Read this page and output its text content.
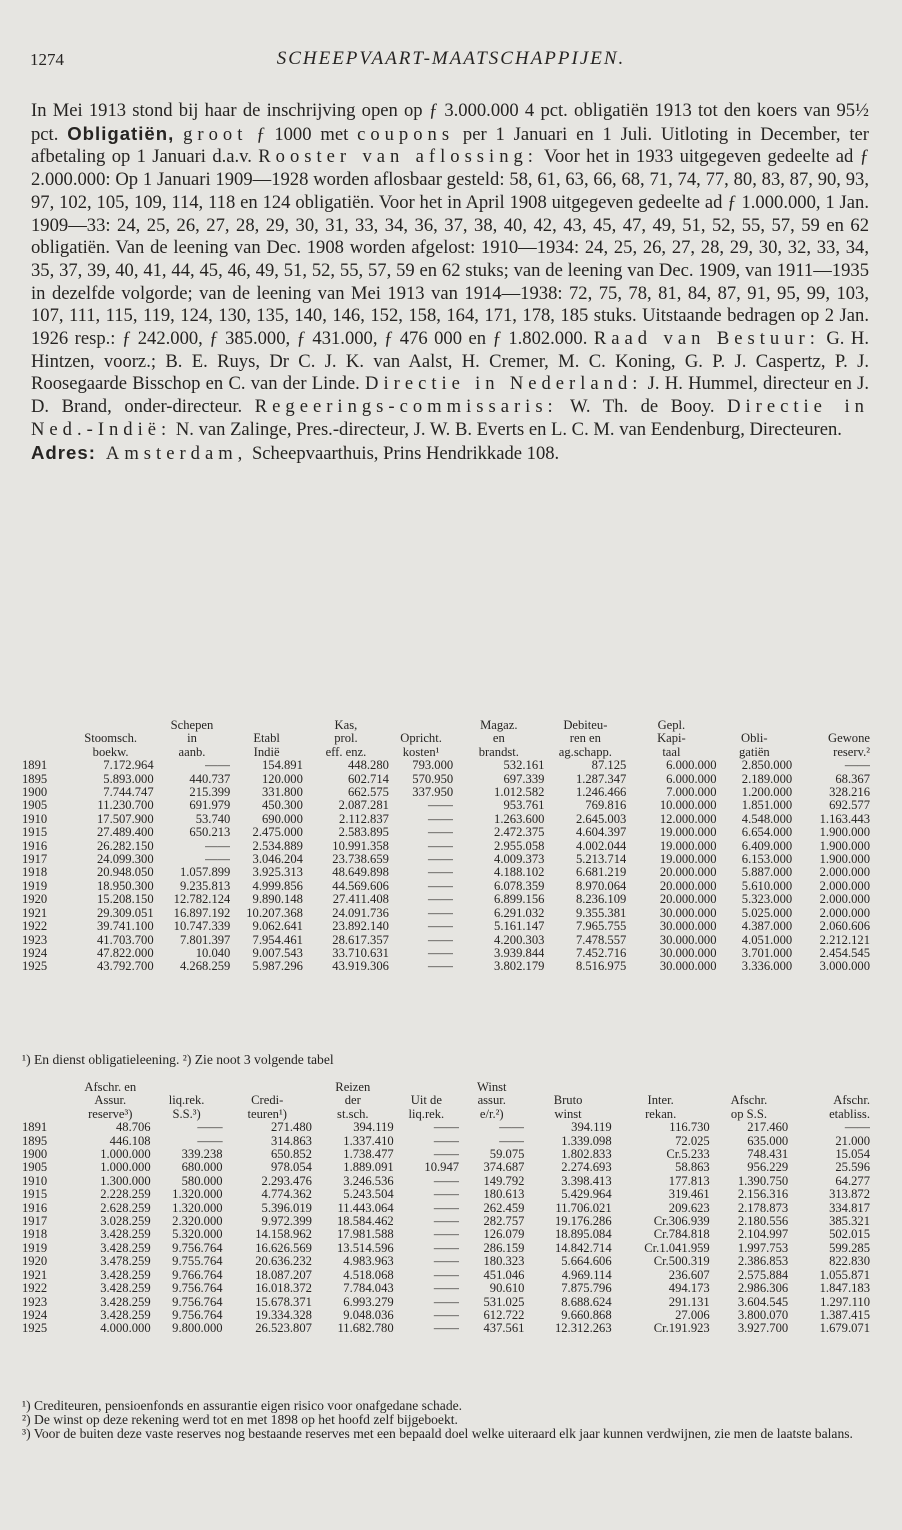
1274	SCHEEPVAART-MAATSCHAPPIJEN.

In Mei 1913 stond bij haar de inschrijving open op ƒ 3.000.000 4 pct. obligatiën 1913 tot den koers van 95½ pct. Obligatiën, groot ƒ 1000 met coupons per 1 Januari en 1 Juli. Uitloting in December, ter afbetaling op 1 Januari d.a.v. Rooster van aflossing: Voor het in 1933 uitgegeven gedeelte ad ƒ 2.000.000: Op 1 Januari 1909—1928 worden aflosbaar gesteld: 58, 61, 63, 66, 68, 71, 74, 77, 80, 83, 87, 90, 93, 97, 102, 105, 109, 114, 118 en 124 obligatiën. Voor het in April 1908 uitgegeven gedeelte ad ƒ 1.000.000, 1 Jan. 1909—33: 24, 25, 26, 27, 28, 29, 30, 31, 33, 34, 36, 37, 38, 40, 42, 43, 45, 47, 49, 51, 52, 55, 57, 59 en 62 obligatiën. Van de leening van Dec. 1908 worden afgelost: 1910—1934: 24, 25, 26, 27, 28, 29, 30, 32, 33, 34, 35, 37, 39, 40, 41, 44, 45, 46, 49, 51, 52, 55, 57, 59 en 62 stuks; van de leening van Dec. 1909, van 1911—1935 in dezelfde volgorde; van de leening van Mei 1913 van 1914—1938: 72, 75, 78, 81, 84, 87, 91, 95, 99, 103, 107, 111, 115, 119, 124, 130, 135, 140, 146, 152, 158, 164, 171, 178, 185 stuks. Uitstaande bedragen op 2 Jan. 1926 resp.: ƒ 242.000, ƒ 385.000, ƒ 431.000, ƒ 476 000 en ƒ 1.802.000. Raad van Bestuur: G. H. Hintzen, voorz.; B. E. Ruys, Dr C. J. K. van Aalst, H. Cremer, M. C. Koning, G. P. J. Caspertz, P. J. Roosegaarde Bisschop en C. van der Linde. Directie in Nederland: J. H. Hummel, directeur en J. D. Brand, onder-directeur. Regeerings-commissaris: W. Th. de Booy. Directie in Ned.-Indië: N. van Zalinge, Pres.-directeur, J. W. B. Everts en L. C. M. van Eendenburg, Directeuren.

Adres: Amsterdam, Scheepvaarthuis, Prins Hendrikkade 108.

		Schepen		Kas,		Magaz.	Debiteu-	Gepl.		
	Stoomsch.	in	Etabl	prol.	Opricht.	en	ren en	Kapi-	Obli-	Gewone
	boekw.	aanb.	Indië	eff. enz.	kosten¹	brandst.	ag.schapp.	taal	gatiën	reserv.²
1891	7.172.964	——	154.891	448.280	793.000	532.161	87.125	6.000.000	2.850.000	——
1895	5.893.000	440.737	120.000	602.714	570.950	697.339	1.287.347	6.000.000	2.189.000	68.367
1900	7.744.747	215.399	331.800	662.575	337.950	1.012.582	1.246.466	7.000.000	1.200.000	328.216
1905	11.230.700	691.979	450.300	2.087.281	——	953.761	769.816	10.000.000	1.851.000	692.577
1910	17.507.900	53.740	690.000	2.112.837	——	1.263.600	2.645.003	12.000.000	4.548.000	1.163.443
1915	27.489.400	650.213	2.475.000	2.583.895	——	2.472.375	4.604.397	19.000.000	6.654.000	1.900.000
1916	26.282.150	——	2.534.889	10.991.358	——	2.955.058	4.002.044	19.000.000	6.409.000	1.900.000
1917	24.099.300	——	3.046.204	23.738.659	——	4.009.373	5.213.714	19.000.000	6.153.000	1.900.000
1918	20.948.050	1.057.899	3.925.313	48.649.898	——	4.188.102	6.681.219	20.000.000	5.887.000	2.000.000
1919	18.950.300	9.235.813	4.999.856	44.569.606	——	6.078.359	8.970.064	20.000.000	5.610.000	2.000.000
1920	15.208.150	12.782.124	9.890.148	27.411.408	——	6.899.156	8.236.109	20.000.000	5.323.000	2.000.000
1921	29.309.051	16.897.192	10.207.368	24.091.736	——	6.291.032	9.355.381	30.000.000	5.025.000	2.000.000
1922	39.741.100	10.747.339	9.062.641	23.892.140	——	5.161.147	7.965.755	30.000.000	4.387.000	2.060.606
1923	41.703.700	7.801.397	7.954.461	28.617.357	——	4.200.303	7.478.557	30.000.000	4.051.000	2.212.121
1924	47.822.000	10.040	9.007.543	33.710.631	——	3.939.844	7.452.716	30.000.000	3.701.000	2.454.545
1925	43.792.700	4.268.259	5.987.296	43.919.306	——	3.802.179	8.516.975	30.000.000	3.336.000	3.000.000
¹) En dienst obligatieleening. ²) Zie noot 3 volgende tabel
	Afschr. en			Reizen		Winst				
	Assur.	liq.rek.	Credi-	der	Uit de	assur.	Bruto	Inter.	Afschr.	Afschr.
	reserve³)	S.S.³)	teuren¹)	st.sch.	liq.rek.	e/r.²)	winst	rekan.	op S.S.	etabliss.
1891	48.706	——	271.480	394.119	——	——	394.119	116.730	217.460	——
1895	446.108	——	314.863	1.337.410	——	——	1.339.098	72.025	635.000	21.000
1900	1.000.000	339.238	650.852	1.738.477	——	59.075	1.802.833	Cr.5.233	748.431	15.054
1905	1.000.000	680.000	978.054	1.889.091	10.947	374.687	2.274.693	58.863	956.229	25.596
1910	1.300.000	580.000	2.293.476	3.246.536	——	149.792	3.398.413	177.813	1.390.750	64.277
1915	2.228.259	1.320.000	4.774.362	5.243.504	——	180.613	5.429.964	319.461	2.156.316	313.872
1916	2.628.259	1.320.000	5.396.019	11.443.064	——	262.459	11.706.021	209.623	2.178.873	334.817
1917	3.028.259	2.320.000	9.972.399	18.584.462	——	282.757	19.176.286	Cr.306.939	2.180.556	385.321
1918	3.428.259	5.320.000	14.158.962	17.981.588	——	126.079	18.895.084	Cr.784.818	2.104.997	502.015
1919	3.428.259	9.756.764	16.626.569	13.514.596	——	286.159	14.842.714	Cr.1.041.959	1.997.753	599.285
1920	3.478.259	9.755.764	20.636.232	4.983.963	——	180.323	5.664.606	Cr.500.319	2.386.853	822.830
1921	3.428.259	9.766.764	18.087.207	4.518.068	——	451.046	4.969.114	236.607	2.575.884	1.055.871
1922	3.428.259	9.756.764	16.018.372	7.784.043	——	90.610	7.875.796	494.173	2.986.306	1.847.183
1923	3.428.259	9.756.764	15.678.371	6.993.279	——	531.025	8.688.624	291.131	3.604.545	1.297.110
1924	3.428.259	9.756.764	19.334.328	9.048.036	——	612.722	9.660.868	27.006	3.800.070	1.387.415
1925	4.000.000	9.800.000	26.523.807	11.682.780	——	437.561	12.312.263	Cr.191.923	3.927.700	1.679.071
¹) Crediteuren, pensioenfonds en assurantie eigen risico voor onafgedane schade.
²) De winst op deze rekening werd tot en met 1898 op het hoofd zelf bijgeboekt.
³) Voor de buiten deze vaste reserves nog bestaande reserves met een bepaald doel welke uiteraard elk jaar kunnen verdwijnen, zie men de laatste balans.
